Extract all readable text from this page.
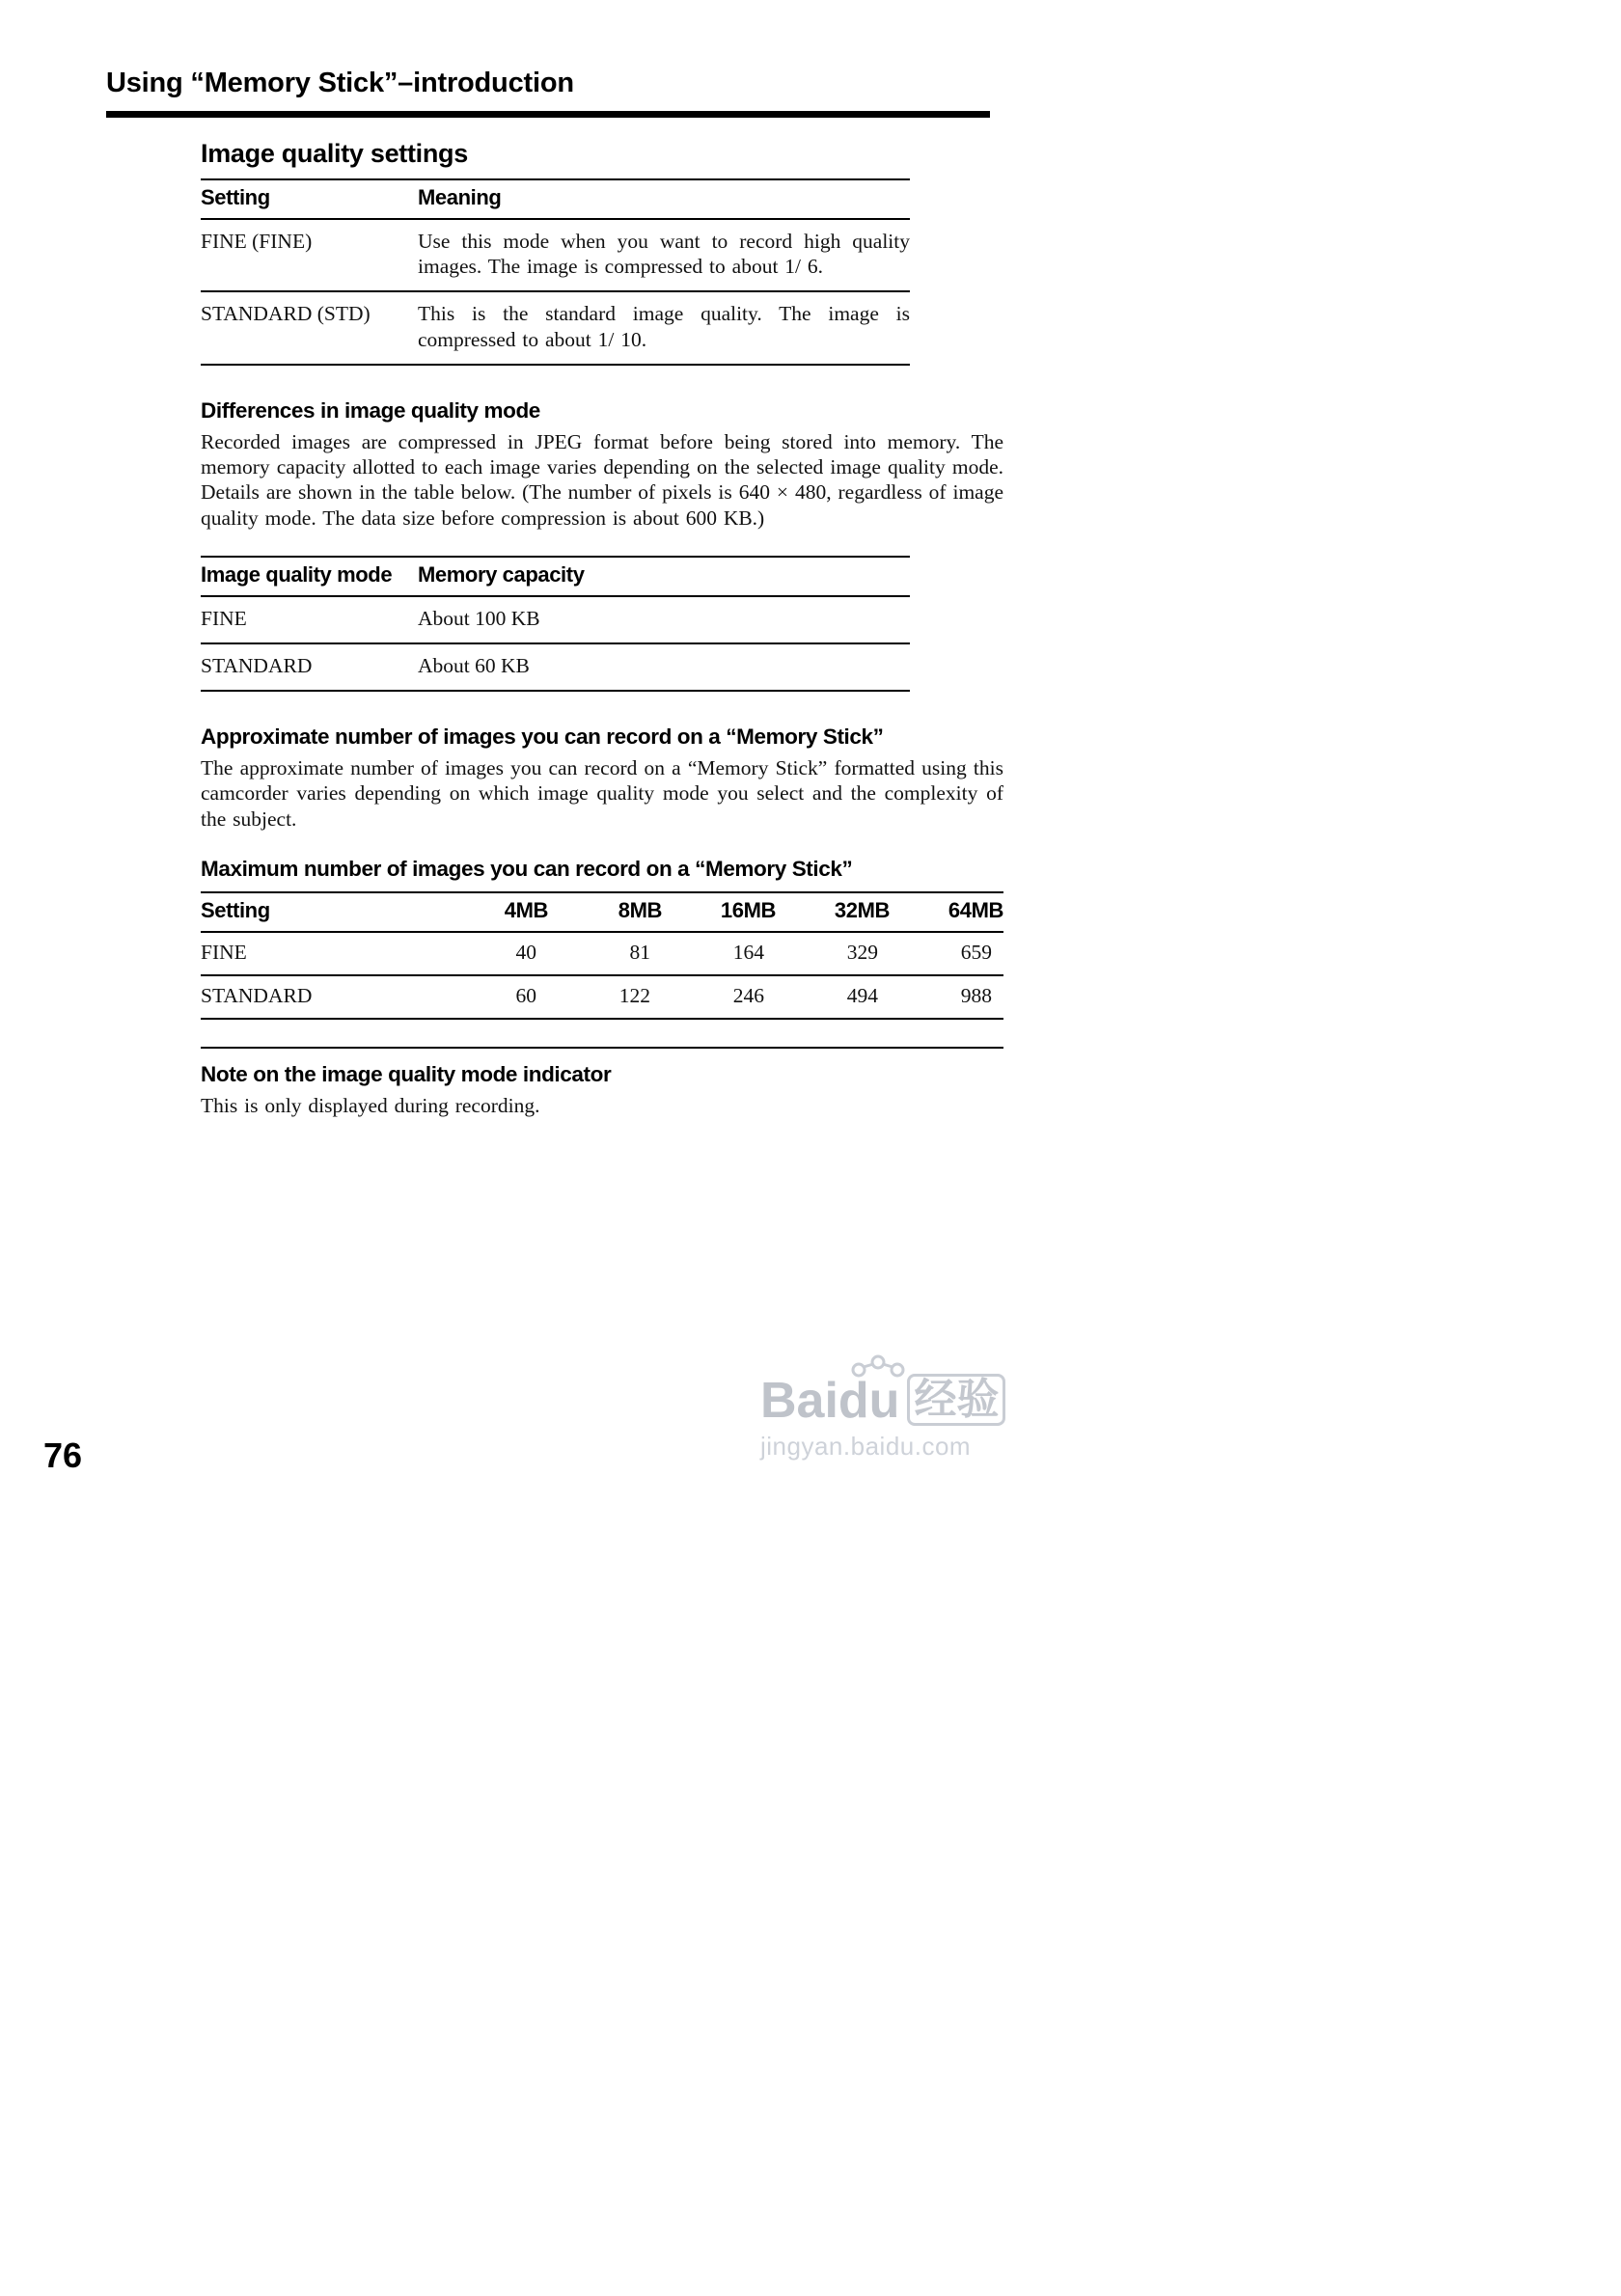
Using “Memory Stick”–introduction
Image quality settings
Setting	Meaning
FINE (FINE)	Use this mode when you want to record high quality images. The image is compressed to about 1/ 6.
STANDARD (STD)	This is the standard image quality. The image is compressed to about 1/ 10.
Differences in image quality mode

Recorded images are compressed in JPEG format before being stored into memory. The memory capacity allotted to each image varies depending on the selected image quality mode. Details are shown in the table below. (The number of pixels is 640 × 480, regardless of image quality mode. The data size before compression is about 600 KB.)

Image quality mode	Memory capacity
FINE	About 100 KB
STANDARD	About 60 KB
Approximate number of images you can record on a “Memory Stick”

The approximate number of images you can record on a “Memory Stick” formatted using this camcorder varies depending on which image quality mode you select and the complexity of the subject.

Maximum number of images you can record on a “Memory Stick”
Setting	4MB	8MB	16MB	32MB	64MB
FINE	40	81	164	329	659
STANDARD	60	122	246	494	988
Note on the image quality mode indicator

This is only displayed during recording.

76
Baidu 经验
jingyan.baidu.com
